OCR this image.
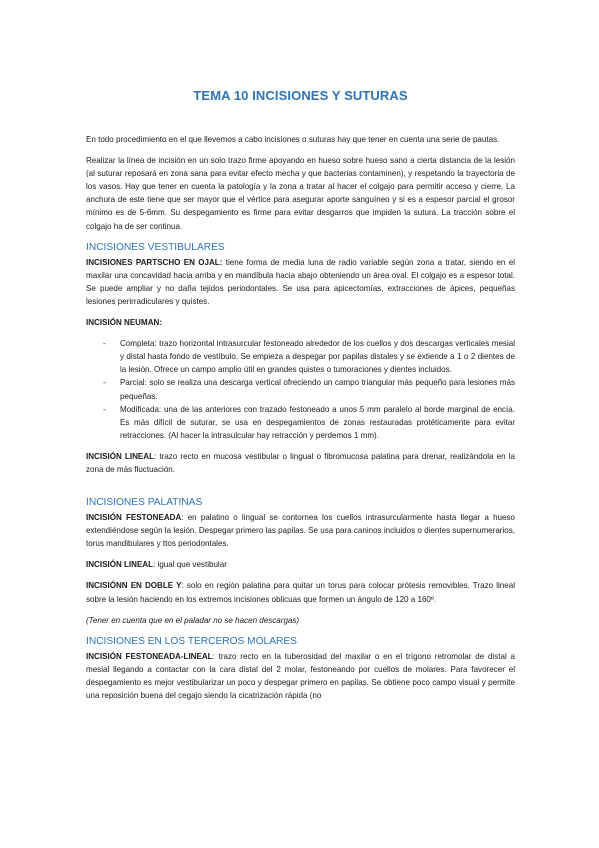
TEMA 10 INCISIONES Y SUTURAS

En todo procedimiento en el que llevemos a cabo incisiones o suturas hay que tener en cuenta una serie de pautas.

Realizar la línea de incisión en un solo trazo firme apoyando en hueso sobre hueso sano a cierta distancia de la lesión (al suturar reposará en zona sana para evitar efecto mecha y que bacterias contaminen), y respetando la trayectoria de los vasos. Hay que tener en cuenta la patología y la zona a tratar al hacer el colgajo para permitir acceso y cierre. La anchura de este tiene que ser mayor que el vértice para asegurar aporte sanguíneo y si es a espesor parcial el grosor mínimo es de 5-6mm. Su despegamiento es firme para evitar desgarros que impiden la sutura. La tracción sobre el colgajo ha de ser continua.

INCISIONES VESTIBULARES

INCISIONES PARTSCHO EN OJAL: tiene forma de media luna de radio variable según zona a tratar, siendo en el maxilar una concavidad hacia arriba y en mandíbula hacia abajo obteniendo un área oval. El colgajo es a espesor total. Se puede ampliar y no daña tejidos periodontales. Se usa para apicectomías, extracciones de ápices, pequeñas lesiones perirradiculares y quistes.

INCISIÓN NEUMAN:

- Completa: trazo horizontal intrasurcular festoneado alrededor de los cuellos y dos descargas verticales mesial y distal hasta fondo de vestíbulo. Se empieza a despegar por papilas distales y se extiende a 1 o 2 dientes de la lesión. Ofrece un campo amplio útil en grandes quistes o tumoraciones y dientes incluidos.
- Parcial: solo se realiza una descarga vertical ofreciendo un campo triangular más pequeño para lesiones más pequeñas.
- Modificada: una de las anteriores con trazado festoneado a unos 5 mm paralelo al borde marginal de encía. Es más difícil de suturar, se usa en despegamientos de zonas restauradas protéticamente para evitar retracciones. (Al hacer la intrasulcular hay retracción y perdemos 1 mm).

INCISIÓN LINEAL: trazo recto en mucosa vestibular o lingual o fibromucosa palatina para drenar, realizándola en la zona de más fluctuación.

INCISIONES PALATINAS

INCISIÓN FESTONEADA: en palatino o lingual se contornea los cuellos intrasurcularmente hasta llegar a hueso extendiéndose según la lesión. Despegar primero las papilas. Se usa para caninos incluidos o dientes supernumerarios, torus mandibulares y ttos periodontales.

INCISIÓN LINEAL: igual que vestibular

INCISIÓNN EN DOBLE Y: solo en región palatina para quitar un torus para colocar prótesis removibles. Trazo lineal sobre la lesión haciendo en los extremos incisiones oblicuas que formen un ángulo de 120 a 160º.

(Tener en cuenta que en el paladar no se hacen descargas)

INCISIONES EN LOS TERCEROS MOLARES

INCISIÓN FESTONEADA-LINEAL: trazo recto en la tuberosidad del maxilar o en el trígono retromolar de distal a mesial llegando a contactar con la cara distal del 2 molar, festoneando por cuellos de molares. Para favorecer el despegamiento es mejor vestibularizar un poco y despegar primero en papilas. Se obtiene poco campo visual y permite una reposición buena del cegajo siendo la cicatrización rápida (no
